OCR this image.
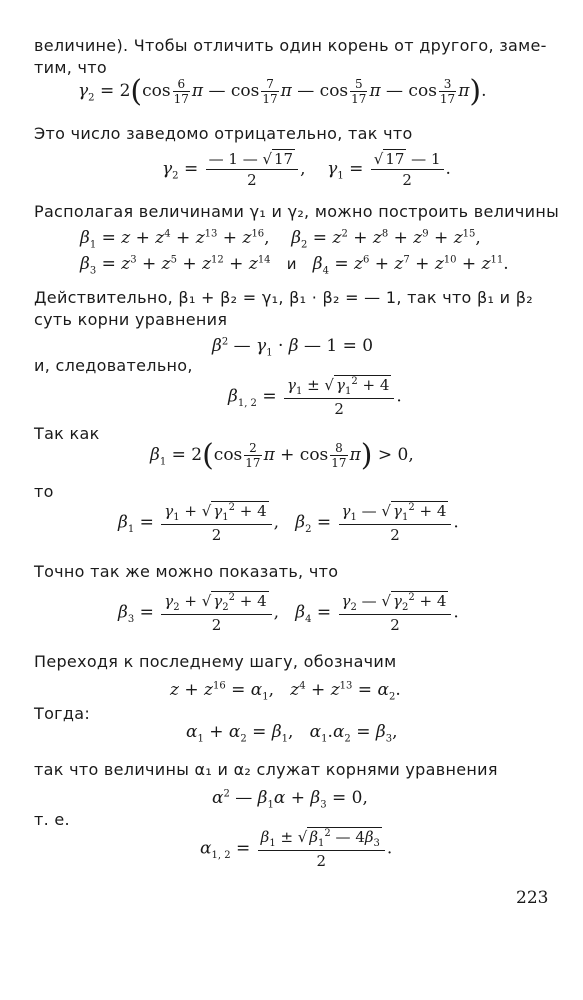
величине). Чтобы отличить один корень от другого, заме-
тим, что
$\gamma_2 = 2(\cos \frac{6}{17}$ π — $\cos \frac{7}{17}$ π — $\cos \frac{5}{17}$ π — $\cos \frac{3}{17} \pi$).
Это число заведомо отрицательно, так что
$\gamma_2 = \frac{— 1 — √ 17}{2}$ ,    $\gamma_1 = \frac{√ 17 — 1}{2}$ .
Располагая величинами γ₁ и γ₂, можно построить величины
$\beta_1 = z + z^4 + z^{13} + z^{16}$,    $\beta_2 = z^2 + z^8 + z^9 + z^{15}$,
$\beta_3 = z^3 + z^5 + z^{12} + z^{14}$ и $\beta_4 = z^6 + z^7 + z^{10} + z^{11}$.
Действительно, β₁ + β₂ = γ₁, β₁ · β₂ = — 1, так что β₁ и β₂
суть корни уравнения
$\beta^2$ — $\gamma_1 \cdot \beta$ — 1 = 0
и, следовательно,
$\beta_{1, 2} = \frac{\gamma_1 \pm √ \gamma_1^2 + 4}{2}$ .
Так как
$\beta_1 = 2(\cos \frac{2}{17}$ $\pi + \cos \frac{8}{17} \pi) > 0$,
то
$\beta_1 = \frac{\gamma_1 + √ \gamma_1^2 + 4}{2}$ ,   $\beta_2 = \frac{\gamma_1 — √ \gamma_1^2 + 4}{2}$ .
Точно так же можно показать, что
$\beta_3 = \frac{\gamma_2 + √ \gamma_2^2 + 4}{2}$ ,   $\beta_4 = \frac{\gamma_2 — √ \gamma_2^2 + 4}{2}$ .
Переходя к последнему шагу, обозначим
$z + z^{16} = \alpha_1$,   $z^4 + z^{13} = \alpha_2$.
Тогда:
$\alpha_1 + \alpha_2 = \beta_1$,   $\alpha_1.\alpha_2 = \beta_3$,
так что величины α₁ и α₂ служат корнями уравнения
$\alpha^2$ — $\beta_1\alpha + \beta_3 = 0$,
т. е.
$\alpha_{1, 2} = \frac{\beta_1 \pm √ \beta_1^2 — 4\beta_3}{2}$ .
223
